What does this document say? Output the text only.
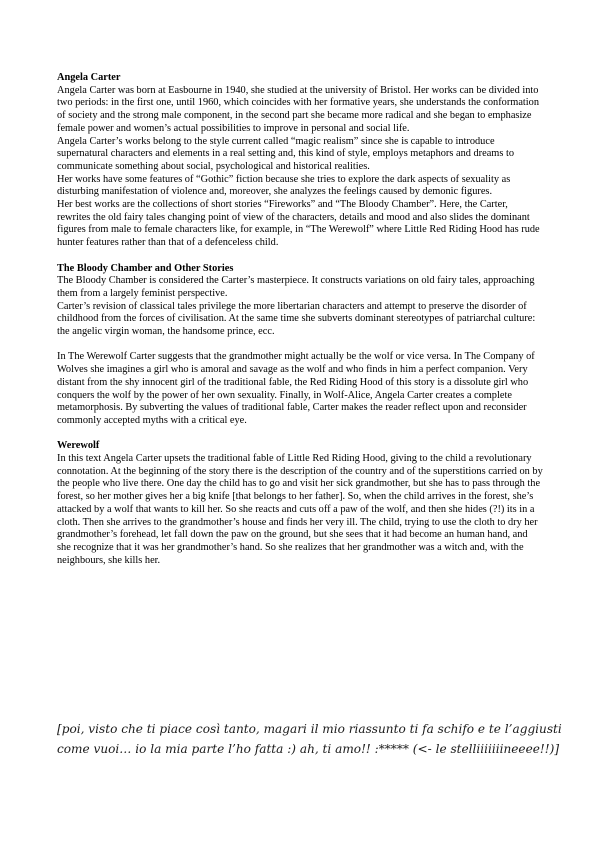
Angela Carter

Angela Carter was born at Easbourne in 1940, she studied at the university of Bristol. Her works can be divided into two periods: in the first one, until 1960, which coincides with her formative years, she understands the conformation of society and the strong male component, in the second part she became more radical and she began to emphasize female power and women’s actual possibilities to improve in personal and social life.

Angela Carter’s works belong to the style current called “magic realism” since she is capable to introduce supernatural characters and elements in a real setting and, this kind of style, employs metaphors and dreams to communicate something about social, psychological and historical realities.

Her works have some features of “Gothic” fiction because she tries to explore the dark aspects of sexuality as disturbing manifestation of violence and, moreover, she analyzes the feelings caused by demonic figures.

Her best works are the collections of short stories “Fireworks” and “The Bloody Chamber”. Here, the Carter, rewrites the old fairy tales changing point of view of the characters, details and mood and also slides the dominant figures from male to female characters like, for example, in “The Werewolf” where Little Red Riding Hood has rude hunter features rather than that of a defenceless child.

The Bloody Chamber and Other Stories

The Bloody Chamber is considered the Carter’s masterpiece. It constructs variations on old fairy tales, approaching them from a largely feminist perspective.

Carter’s revision of classical tales privilege the more libertarian characters and attempt to preserve the disorder of childhood from the forces of civilisation. At the same time she subverts dominant stereotypes of patriarchal culture: the angelic virgin woman, the handsome prince, ecc.

In The Werewolf Carter suggests that the grandmother might actually be the wolf or vice versa. In The Company of Wolves she imagines a girl who is amoral and savage as the wolf and who finds in him a perfect companion. Very distant from the shy innocent girl of the traditional fable, the Red Riding Hood of this story is a dissolute girl who conquers the wolf by the power of her own sexuality. Finally, in Wolf-Alice, Angela Carter creates a complete metamorphosis. By subverting the values of traditional fable, Carter makes the reader reflect upon and reconsider commonly accepted myths with a critical eye.

Werewolf

In this text Angela Carter upsets the traditional fable of Little Red Riding Hood, giving to the child a revolutionary connotation. At the beginning of the story there is the description of the country and of the superstitions carried on by the people who live there. One day the child has to go and visit her sick grandmother, but she has to pass through the forest, so her mother gives her a big knife [that belongs to her father]. So, when the child arrives in the forest, she’s attacked by a wolf that wants to kill her. So she reacts and cuts off a paw of the wolf, and then she hides (?!) its in a cloth. Then she arrives to the grandmother’s house and finds her very ill. The child, trying to use the cloth to dry her grandmother’s forehead, let fall down the paw on the ground, but she sees that it had become an human hand, and she recognize that it was her grandmother’s hand. So she realizes that her grandmother was a witch and, with the neighbours, she kills her.

[poi, visto che ti piace così tanto, magari il mio riassunto ti fa schifo e te l’aggiusti

come vuoi… io la mia parte l’ho fatta :) ah, ti amo!! :***** (<- le stelliiiiiiineeee!!)]
